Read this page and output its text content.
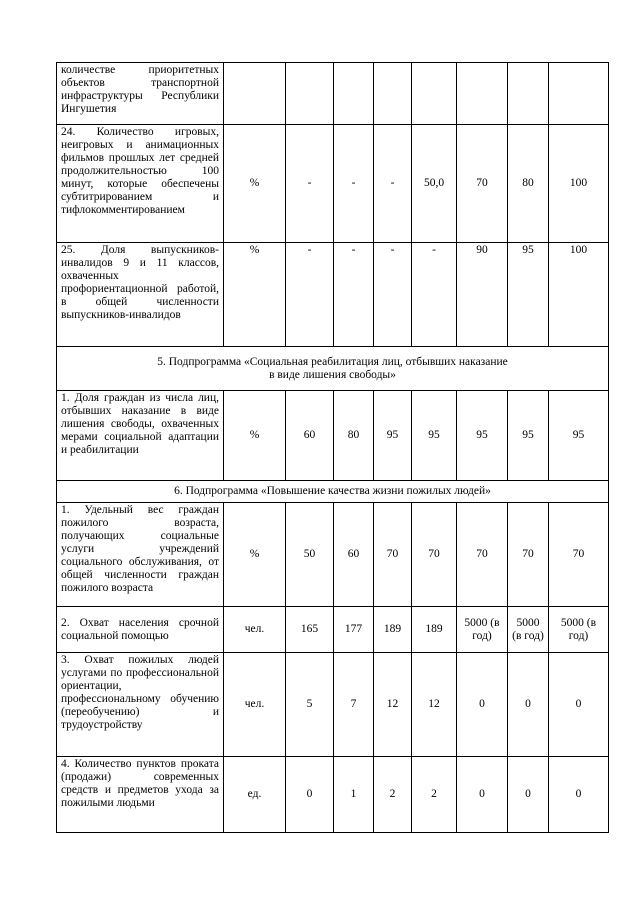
количестве приоритетных объектов транспортной инфраструктуры Республики Ингушетия								
24. Количество игровых, неигровых и анимационных фильмов прошлых лет средней продолжительностью 100 минут, которые обеспечены субтитрированием и тифлокомментированием	%	-	-	-	50,0	70	80	100
25. Доля выпускников-инвалидов 9 и 11 классов, охваченных профориентационной работой, в общей численности выпускников-инвалидов	%	-	-	-	-	90	95	100

5. Подпрограмма «Социальная реабилитация лиц, отбывших наказание
в виде лишения свободы»								

1. Доля граждан из числа лиц, отбывших наказание в виде лишения свободы, охваченных мерами социальной адаптации и реабилитации	%	60	80	95	95	95	95	95
6. Подпрограмма «Повышение качества жизни пожилых людей»								
1. Удельный вес граждан пожилого возраста, получающих социальные услуги учреждений социального обслуживания, от общей численности граждан пожилого возраста	%	50	60	70	70	70	70	70
2. Охват населения срочной социальной помощью	чел.	165	177	189	189	5000 (в год)	5000 (в год)	5000 (в год)
3. Охват пожилых людей услугами по профессиональной ориентации, профессиональному обучению (переобучению) и трудоустройству	чел.	5	7	12	12	0	0	0
4. Количество пунктов проката (продажи) современных средств и предметов ухода за пожилыми людьми	ед.	0	1	2	2	0	0	0
